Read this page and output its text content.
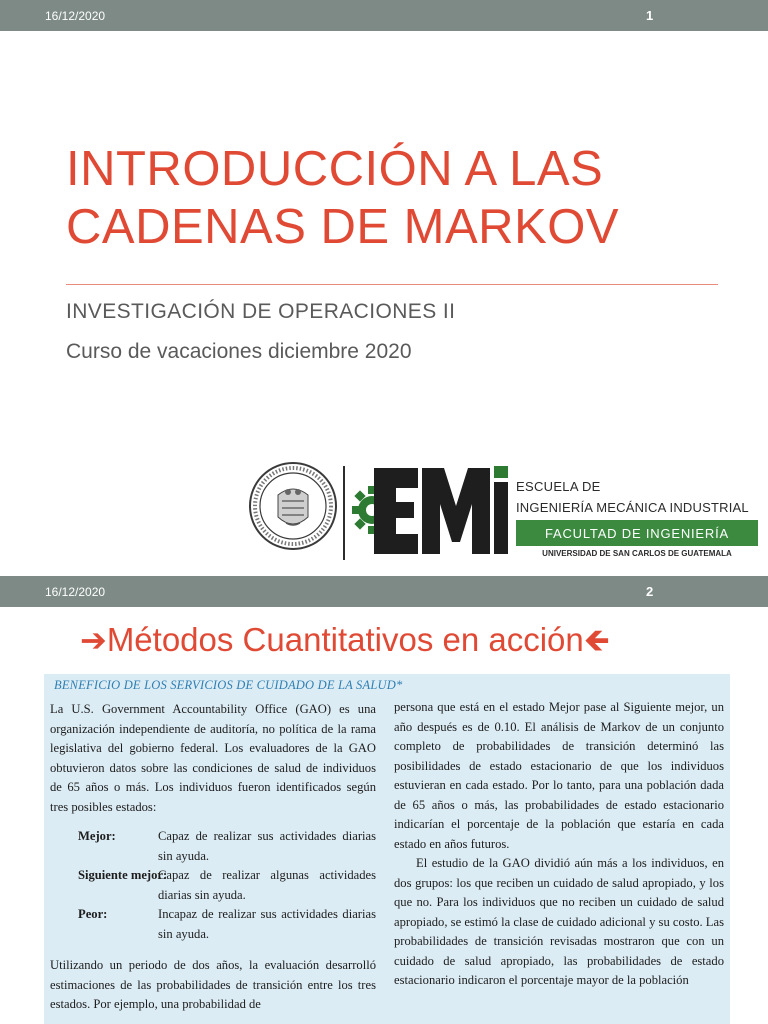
16/12/2020	1
INTRODUCCIÓN A LAS
CADENAS DE MARKOV
INVESTIGACIÓN DE OPERACIONES II
Curso de vacaciones diciembre 2020
ESCUELA DE
INGENIERÍA MECÁNICA INDUSTRIAL
FACULTAD DE INGENIERÍA
UNIVERSIDAD DE SAN CARLOS DE GUATEMALA
16/12/2020	2
➔Métodos Cuantitativos en acción🡸
BENEFICIO DE LOS SERVICIOS DE CUIDADO DE LA SALUD*

La U.S. Government Accountability Office (GAO) es una organización independiente de auditoría, no política de la rama legislativa del gobierno federal. Los evaluadores de la GAO obtuvieron datos sobre las condiciones de salud de individuos de 65 años o más. Los individuos fueron identificados según tres posibles estados:

Mejor:	Capaz de realizar sus actividades diarias sin ayuda.
Siguiente mejor:
Capaz de realizar algunas actividades diarias sin ayuda.
Peor:	Incapaz de realizar sus actividades diarias sin ayuda.

Utilizando un periodo de dos años, la evaluación desarrolló estimaciones de las probabilidades de transición entre los tres estados. Por ejemplo, una probabilidad de

persona que está en el estado Mejor pase al Siguiente mejor, un año después es de 0.10. El análisis de Markov de un conjunto completo de probabilidades de transición determinó las posibilidades de estado estacionario de que los individuos estuvieran en cada estado. Por lo tanto, para una población dada de 65 años o más, las probabilidades de estado estacionario indicarían el porcentaje de la población que estaría en cada estado en años futuros.

El estudio de la GAO dividió aún más a los individuos, en dos grupos: los que reciben un cuidado de salud apropiado, y los que no. Para los individuos que no reciben un cuidado de salud apropiado, se estimó la clase de cuidado adicional y su costo. Las probabilidades de transición revisadas mostraron que con un cuidado de salud apropiado, las probabilidades de estado estacionario indicaron el porcentaje mayor de la población
